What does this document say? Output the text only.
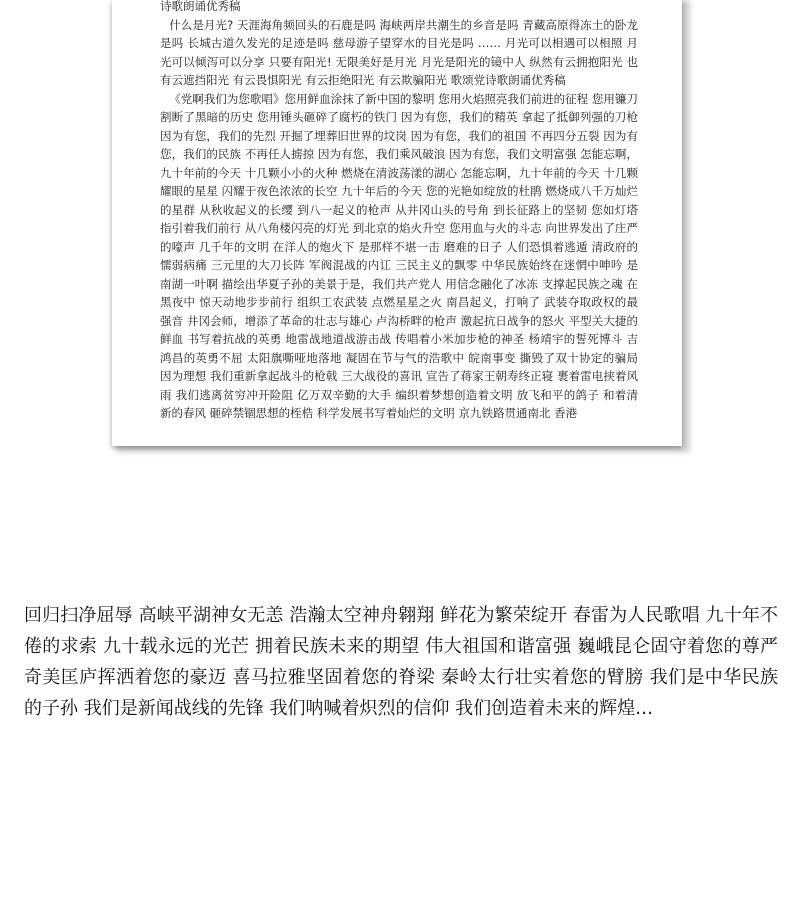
诗歌朗诵优秀稿

什么是月光? 天涯海角频回头的石鹿是吗 海峡两岸共潮生的乡音是吗 青藏高原得冻土的卧龙是吗 长城古道久发光的足迹是吗 慈母游子望穿水的目光是吗 …… 月光可以相遇可以相照 月光可以倾泻可以分享 只要有阳光! 无限美好是月光 月光是阳光的镜中人 纵然有云拥抱阳光 也有云遮挡阳光 有云畏惧阳光 有云拒绝阳光 有云欺骗阳光 歌颂党诗歌朗诵优秀稿

《党啊我们为您歌唱》您用鲜血涂抹了新中国的黎明 您用火焰照亮我们前进的征程 您用镰刀割断了黑暗的历史 您用锤头砸碎了腐朽的铁门 因为有您，我们的精英 拿起了抵御列强的刀枪 因为有您，我们的先烈 开掘了埋葬旧世界的坟岗 因为有您，我们的祖国 不再四分五裂 因为有您，我们的民族 不再任人掳掠 因为有您，我们乘风破浪 因为有您，我们文明富强 怎能忘啊，九十年前的今天 十几颗小小的火种 燃烧在清波荡漾的湖心 怎能忘啊，九十年前的今天 十几颗耀眼的星星 闪耀于夜色浓浓的长空 九十年后的今天 您的光艳如绽放的杜鹃 燃烧成八千万灿烂的星群 从秋收起义的长缨 到八一起义的枪声 从井冈山头的号角 到长征路上的坚韧 您如灯塔指引着我们前行 从八角楼闪亮的灯光 到北京的焰火升空 您用血与火的斗志 向世界发出了庄严的嚎声 几千年的文明 在洋人的炮火下 是那样不堪一击 磨难的日子 人们恐惧着逃遁 清政府的懦弱病痛 三元里的大刀长阵 军阀混战的内讧 三民主义的飘零 中华民族始终在迷惘中呻吟 是南湖一叶啊 描绘出华夏子孙的美景于是，我们共产党人 用信念融化了冰冻 支撑起民族之魂 在黑夜中 惊天动地步步前行 组织工农武装 点燃星星之火 南昌起义，打响了 武装夺取政权的最强音 井冈会师，增添了革命的壮志与雄心 卢沟桥畔的枪声 激起抗日战争的怒火 平型关大捷的鲜血 书写着抗战的英勇 地雷战地道战游击战 传唱着小米加步枪的神圣 杨靖宇的誓死博斗 吉鸿昌的英勇不屈 太阳旗嘶哑地落地 凝固在节与气的浩歌中 皖南事变 撕毁了双十协定的骗局 因为理想 我们重新拿起战斗的枪戟 三大战役的喜讯 宣告了蒋家王朝寿终正寝 裹着雷电挟着风雨 我们逃离贫穷冲开险阻 亿万双辛勤的大手 编织着梦想创造着文明 放飞和平的鸽子 和着清新的春风 砸碎禁锢思想的桎梏 科学发展书写着灿烂的文明 京九铁路贯通南北 香港

回归扫净屈辱 高峡平湖神女无恙 浩瀚太空神舟翱翔 鲜花为繁荣绽开 春雷为人民歌唱 九十年不倦的求索 九十载永远的光芒 拥着民族未来的期望 伟大祖国和谐富强 巍峨昆仑固守着您的尊严 奇美匡庐挥洒着您的豪迈 喜马拉雅坚固着您的脊梁 秦岭太行壮实着您的臂膀 我们是中华民族的子孙 我们是新闻战线的先锋 我们呐喊着炽烈的信仰 我们创造着未来的辉煌…
